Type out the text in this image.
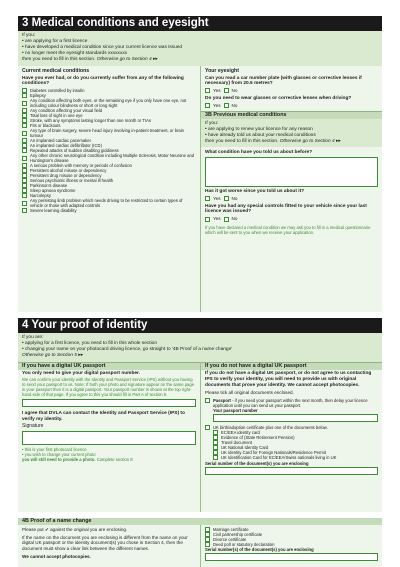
3 Medical conditions and eyesight
If you:
• are applying for a first licence
• have developed a medical condition since your current licence was issued
• no longer meet the eyesight standards xxxxxxxx
then you need to fill in this section. Otherwise go to Section 4 ▸▸
Current medical conditions
Have you ever had, or do you currently suffer from any of the following conditions?
Diabetes controlled by insulin
Epilepsy
Any condition affecting both eyes, or the remaining eye if you only have one eye, not including colour blindness or short or long sight
Any condition affecting your visual field
Total loss of sight in one eye
Stroke, with any symptoms lasting longer than one month or TIAs
Fits or blackouts
Any type of brain surgery, severe head injury involving in-patient treatment, or brain tumour
An implanted cardiac pacemaker
An implanted cardiac defibrillator (ICD)
Repeated attacks of sudden disabling giddiness
Any other chronic neurological condition including Multiple Sclerosis, Motor Neurone and Huntington's disease
A serious problem with memory or periods of confusion
Persistent alcohol misuse or dependency
Persistent drug misuse or dependency
Serious psychiatric illness or mental ill health
Parkinson's disease
Sleep apnoea syndrome
Narcolepsy
Any persisting limb problem which needs driving to be restricted to certain types of vehicle or those with adapted controls
Severe learning disability
Your eyesight
Can you read a car number plate (with glasses or corrective lenses if necessary) from 20.5 metres?
Yes No
Do you need to wear glasses or corrective lenses when driving?
Yes No
3B Previous medical conditions
If you:
• are applying to renew your licence for any reason
• have already told us about your medical conditions
then you need to fill in this section. Otherwise go to Section 4 ▸▸
What condition have you told us about before?
Has it got worse since you told us about it?
Yes No
Have you had any special controls fitted to your vehicle since your last licence was issued?
Yes No
If you have declared a medical condition we may ask you to fill in a medical questionnaire which will be sent to you when we receive your application.
4 Your proof of identity
If you are:
• applying for a first licence, you need to fill in this whole section
• changing your name on your photocard driving licence, go straight to '4B Proof of a name change'
Otherwise go to Section 5 ▸▸
If you have a digital UK passport
You only need to give your digital passport number.
We can confirm your identity with the Identity and Passport Service (IPS) without you having to send your passport to us. Note: If both your photo and signature appear on the same page in your passport then it is a digital passport. Your passport number is shown at the top right-hand side of that page. If you agree to this you should fill in Part A of section 5.
I agree that DVLA can contact the Identity and Passport Service (IPS) to verify my identity.
Signature
• this is your first photocard licence
• you wish to change your current photo
you will still need to provide a photo. Complete section 8
If you do not have a digital UK passport
If you do not have a digital UK passport, or do not agree to us contacting IPS to verify your identity, you will need to provide us with original documents that prove your identity. We cannot accept photocopies.
Please tick all original documents enclosed.
Passport - if you need your passport within the next month, then delay your licence application until you can send us your passport.
Your passport number
UK birth/adoption certificate plus one of the documents below.
EC/EEA identity card
Evidence of (State Retirement Pension)
Travel document
UK National Identity Card
UK Identity Card for Foreign Nationals/Residence Permit
UK Identification Card for EC/EEA/Swiss nationals living in UK
Serial number of the document(s) you are enclosing
4B Proof of a name change
Please put ✔ against the original you are enclosing.
If the name on the document you are enclosing is different from the name on your digital UK passport or the identity document(s) you chose in Section 4, then the document must show a clear link between the different names.
We cannot accept photocopies.
Marriage certificate
Civil partnership certificate
Divorce certificate
Deed poll or statutory declaration
Serial number(s) of the document(s) you are enclosing
